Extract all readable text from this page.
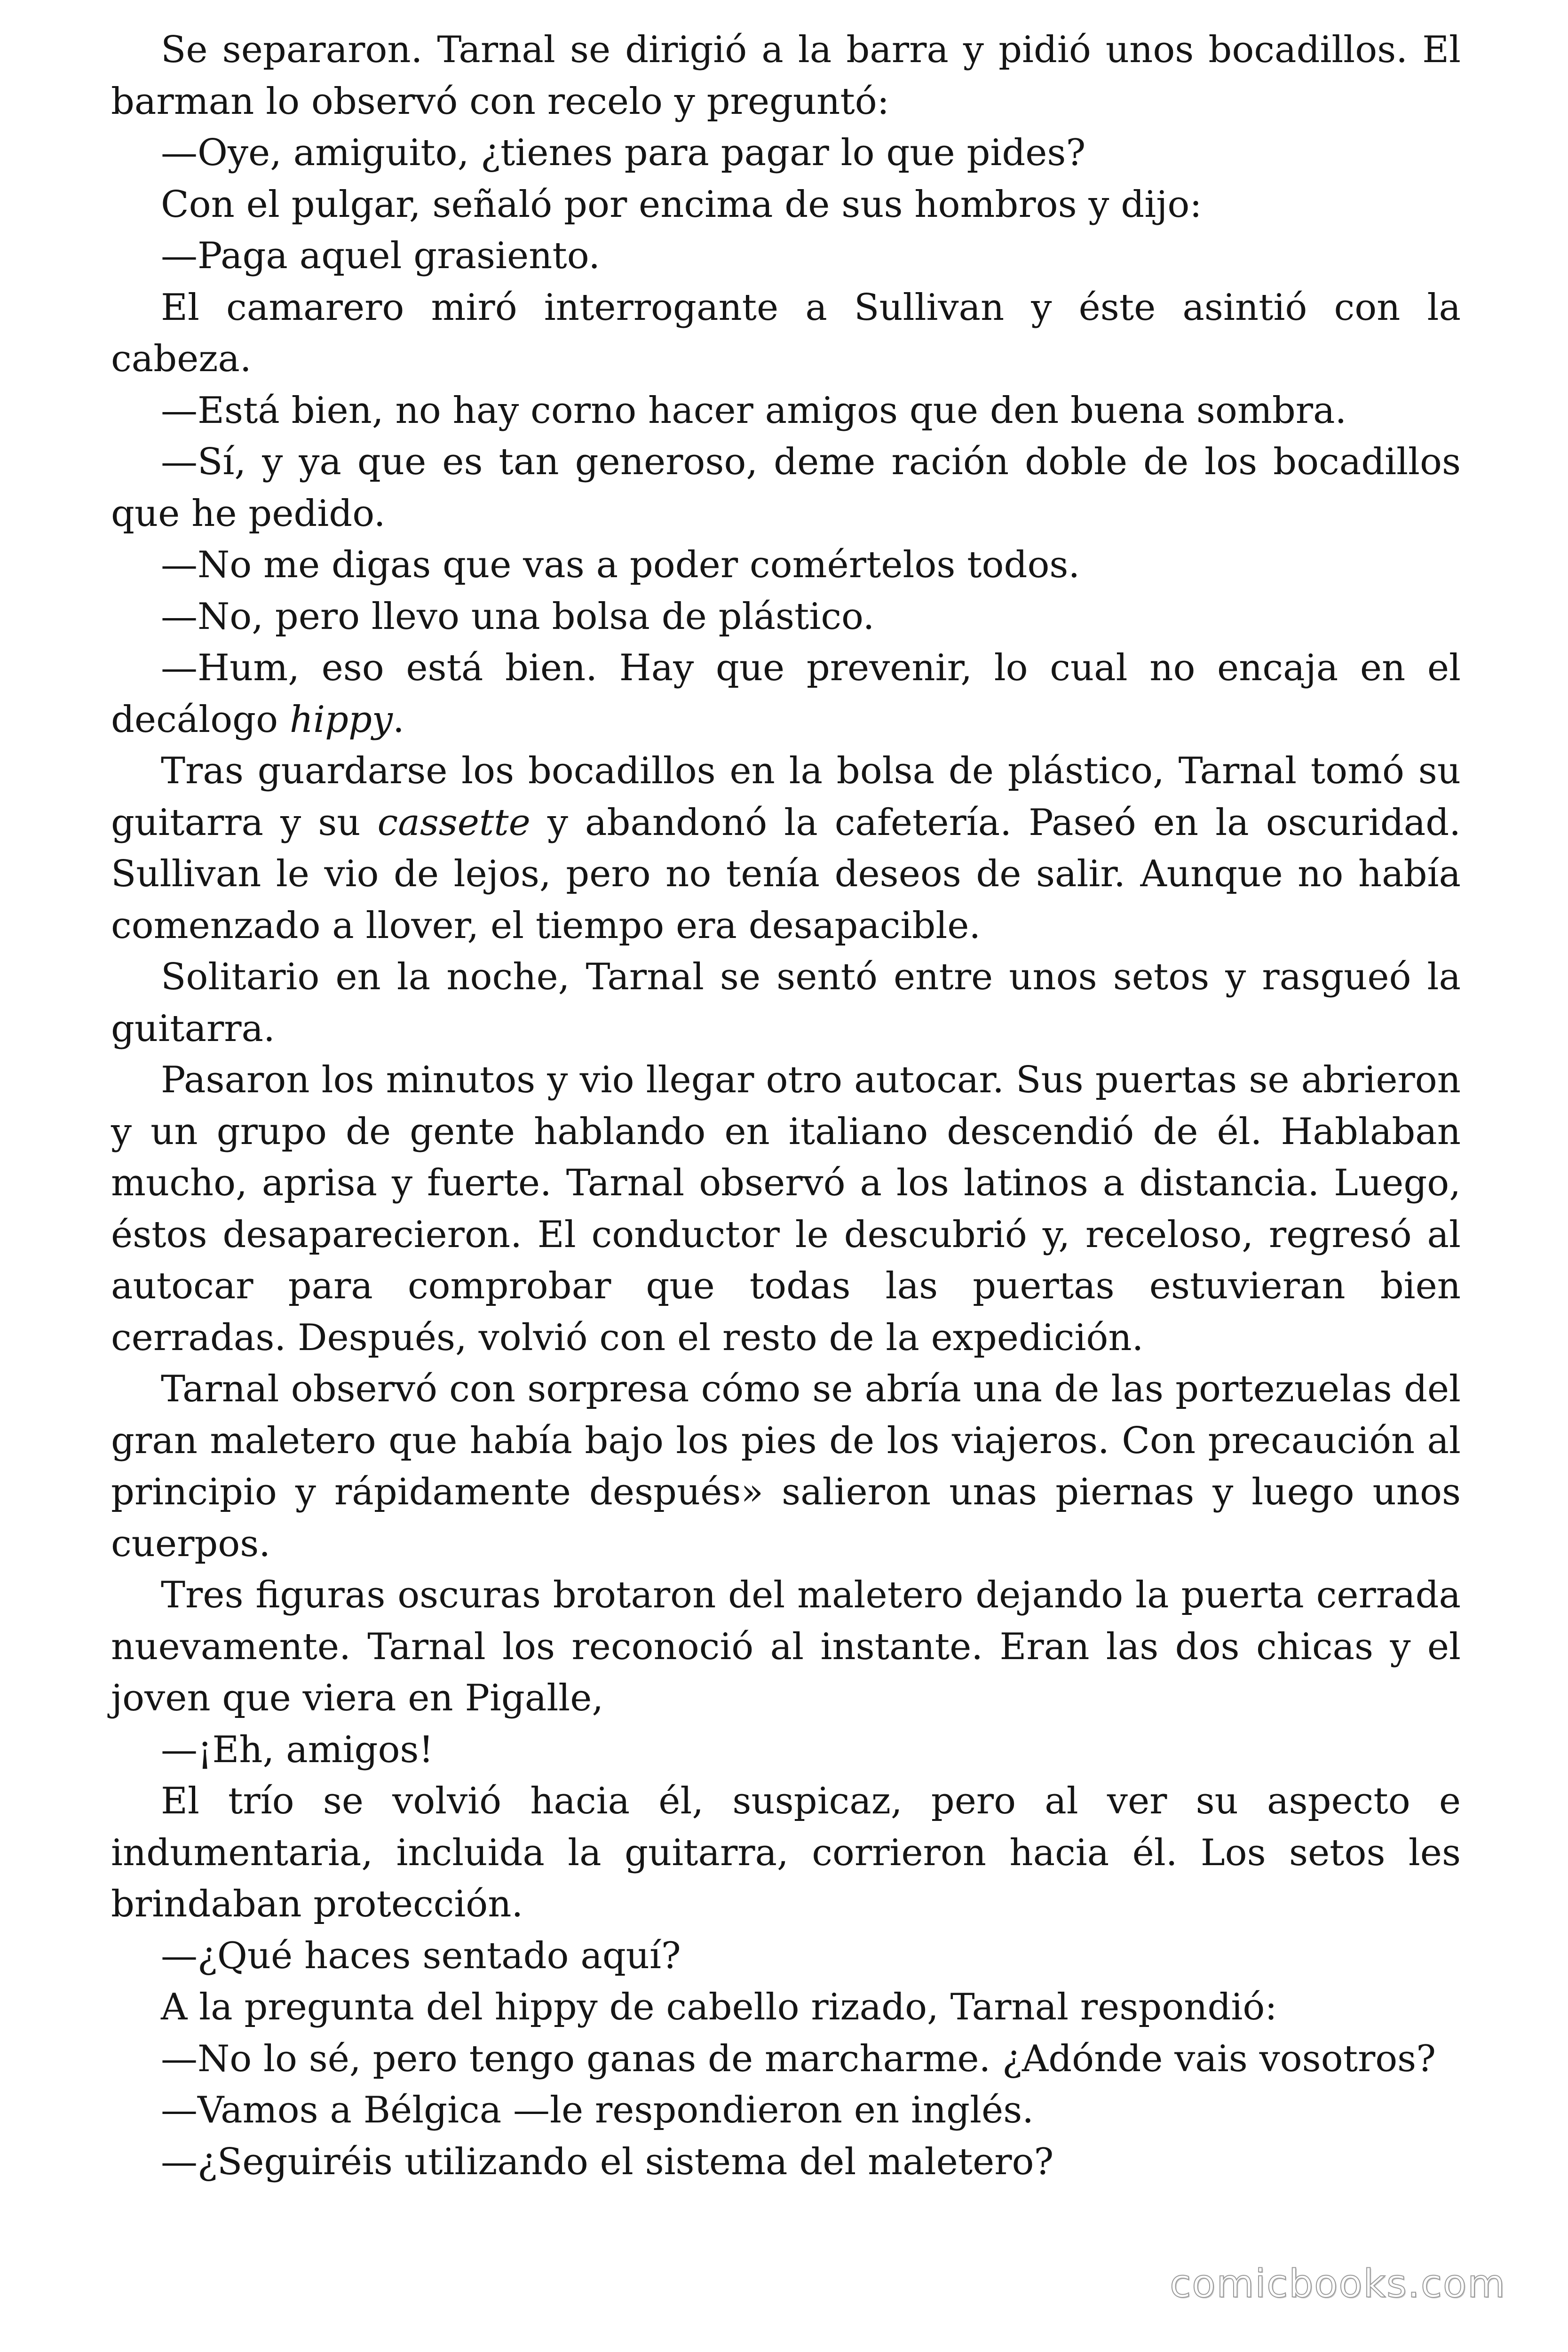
Se separaron. Tarnal se dirigió a la barra y pidió unos bocadillos. El barman lo observó con recelo y preguntó:

—Oye, amiguito, ¿tienes para pagar lo que pides?

Con el pulgar, señaló por encima de sus hombros y dijo:

—Paga aquel grasiento.

El camarero miró interrogante a Sullivan y éste asintió con la cabeza.

—Está bien, no hay corno hacer amigos que den buena sombra.

—Sí, y ya que es tan generoso, deme ración doble de los bocadillos que he pedido.

—No me digas que vas a poder comértelos todos.

—No, pero llevo una bolsa de plástico.

—Hum, eso está bien. Hay que prevenir, lo cual no encaja en el decálogo hippy.

Tras guardarse los bocadillos en la bolsa de plástico, Tarnal tomó su guitarra y su cassette y abandonó la cafetería. Paseó en la oscuridad. Sullivan le vio de lejos, pero no tenía deseos de salir. Aunque no había comenzado a llover, el tiempo era desapacible.

Solitario en la noche, Tarnal se sentó entre unos setos y rasgueó la guitarra.

Pasaron los minutos y vio llegar otro autocar. Sus puertas se abrieron y un grupo de gente hablando en italiano descendió de él. Hablaban mucho, aprisa y fuerte. Tarnal observó a los latinos a distancia. Luego, éstos desaparecieron. El conductor le descubrió y, receloso, regresó al autocar para comprobar que todas las puertas estuvieran bien cerradas. Después, volvió con el resto de la expedición.

Tarnal observó con sorpresa cómo se abría una de las portezuelas del gran maletero que había bajo los pies de los viajeros. Con precaución al principio y rápidamente después» salieron unas piernas y luego unos cuerpos.

Tres figuras oscuras brotaron del maletero dejando la puerta cerrada nuevamente. Tarnal los reconoció al instante. Eran las dos chicas y el joven que viera en Pigalle,

—¡Eh, amigos!

El trío se volvió hacia él, suspicaz, pero al ver su aspecto e indumentaria, incluida la guitarra, corrieron hacia él. Los setos les brindaban protección.

—¿Qué haces sentado aquí?

A la pregunta del hippy de cabello rizado, Tarnal respondió:

—No lo sé, pero tengo ganas de marcharme. ¿Adónde vais vosotros?

—Vamos a Bélgica —le respondieron en inglés.

—¿Seguiréis utilizando el sistema del maletero?

comicbooks.com
